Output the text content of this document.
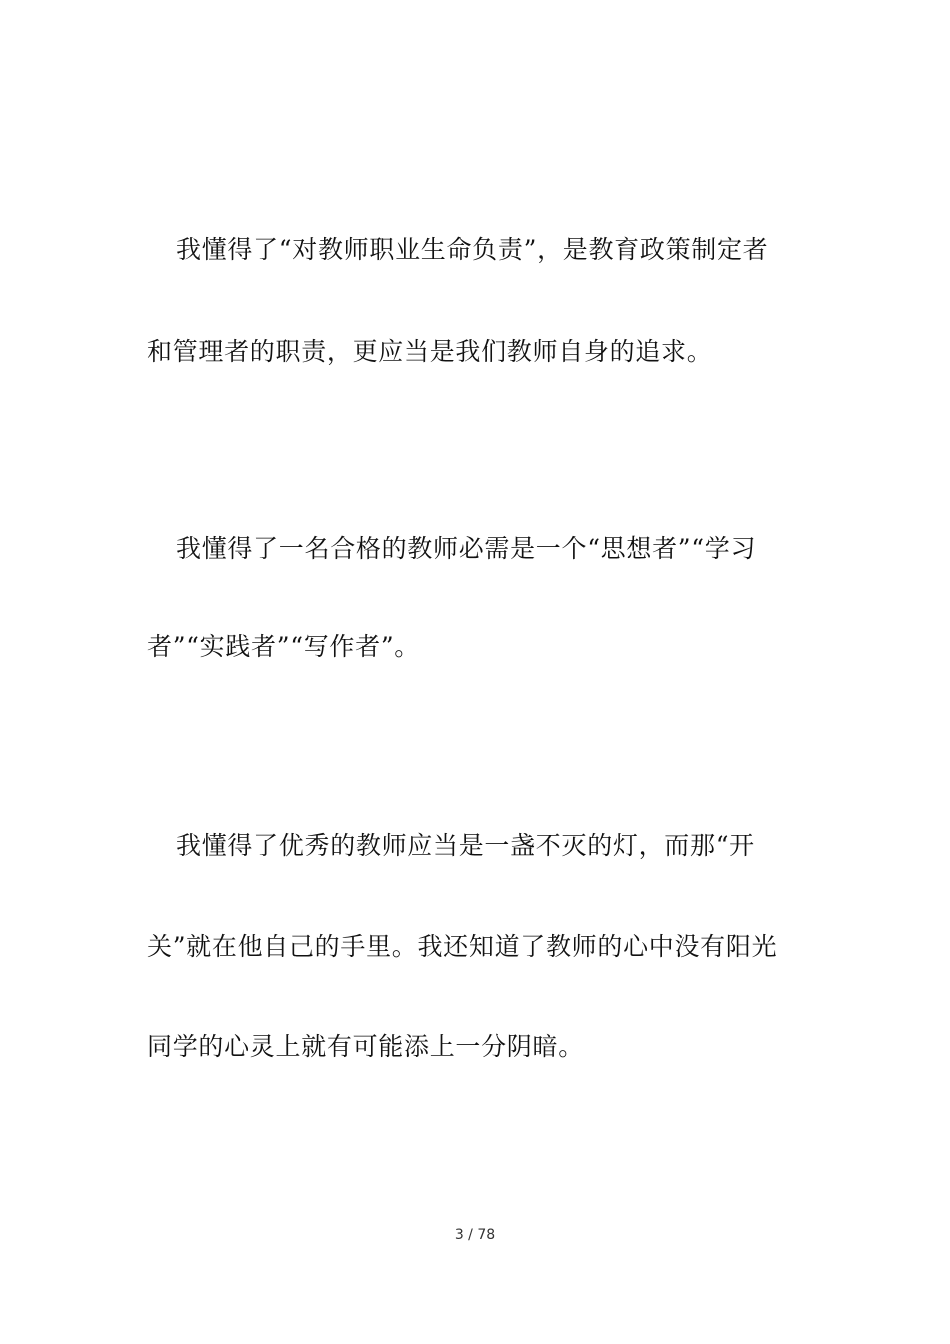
我懂得了“对教师职业生命负责”，是教育政策制定者
和管理者的职责，更应当是我们教师自身的追求。
我懂得了一名合格的教师必需是一个“思想者”“学习
者”“实践者”“写作者”。
我懂得了优秀的教师应当是一盏不灭的灯，而那“开
关”就在他自己的手里。我还知道了教师的心中没有阳光
同学的心灵上就有可能添上一分阴暗。
3 / 78
